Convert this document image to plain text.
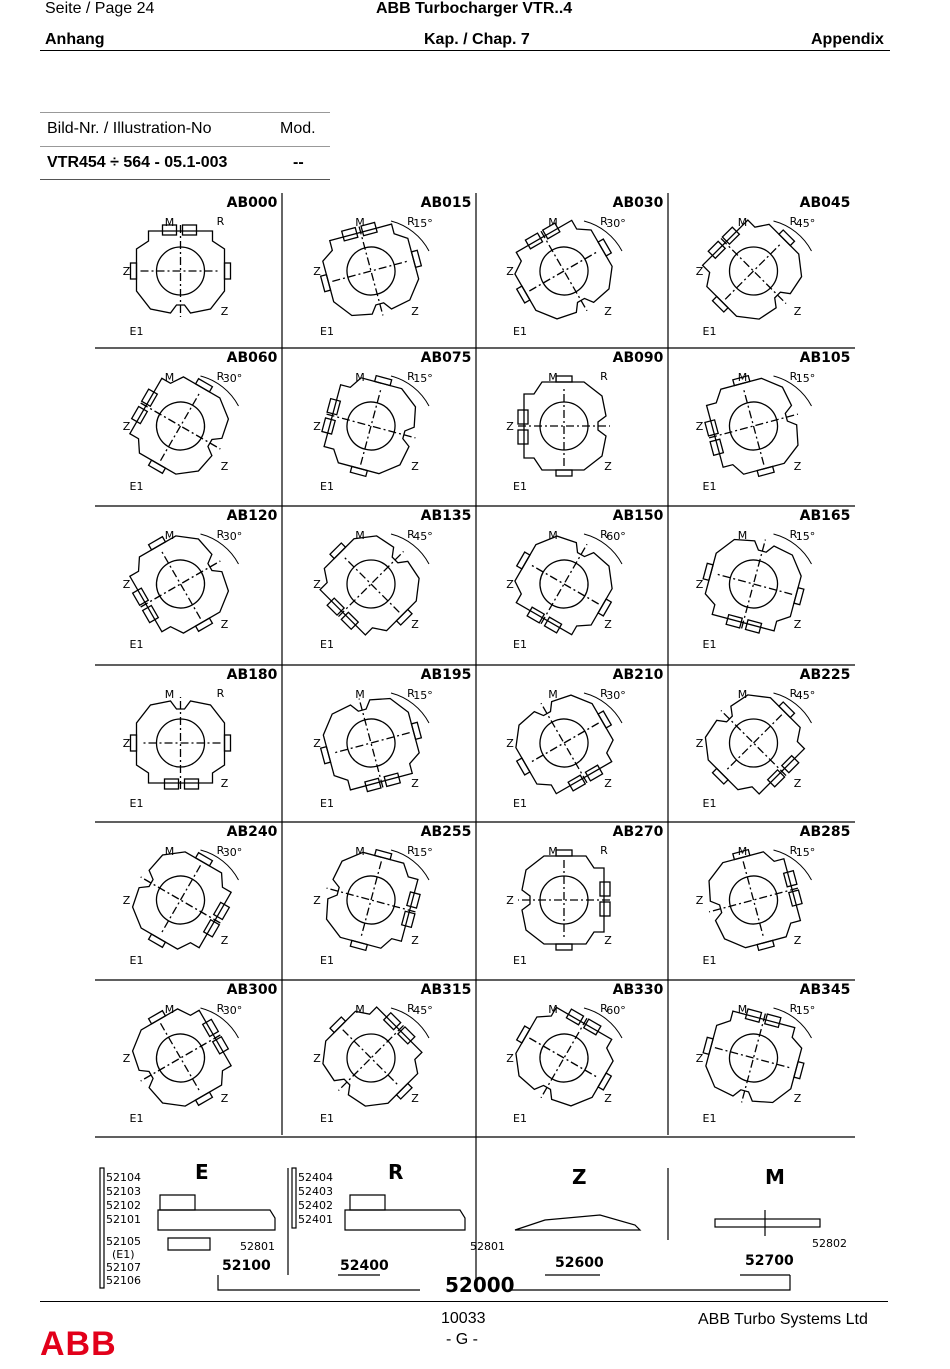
Seite / Page 24	ABB Turbocharger VTR..4
Anhang	Kap. / Chap. 7	Appendix
Bild-Nr. / Illustration-No	Mod.
VTR454 ÷ 564 - 05.1-003	--
AB000
M	R
Z
Z
E1
AB015
M	R
Z
Z
E1
15°
AB030
M	R
Z
Z
E1
30°
AB045
M	R
Z
Z
E1
45°
AB060
M	R
Z
Z
E1
30°
AB075
M	R
Z
Z
E1
15°
AB090
M	R
Z
Z
E1
AB105
M	R
Z
Z
E1
15°
AB120
M	R
Z
Z
E1
30°
AB135
M	R
Z
Z
E1
45°
AB150
M	R
Z
Z
E1
60°
AB165
M	R
Z
Z
E1
15°
AB180
M	R
Z
Z
E1
AB195
M	R
Z
Z
E1
15°
AB210
M	R
Z
Z
E1
30°
AB225
M	R
Z
Z
E1
45°
AB240
M	R
Z
Z
E1
30°
AB255
M	R
Z
Z
E1
15°
AB270
M	R
Z
Z
E1
AB285
M	R
Z
Z
E1
15°
AB300
M	R
Z
Z
E1
30°
AB315
M	R
Z
Z
E1
45°
AB330
M	R
Z
Z
E1
60°
AB345
M	R
Z
Z
E1
15°
E	R	Z	M
52104
52103
52102
52101
52105
(E1)
52107
52106
52404
52403
52402
52401
52801	52801	52802
52100	52400	52600	52700
52000
10033	ABB Turbo Systems Ltd
- G -
ABB
